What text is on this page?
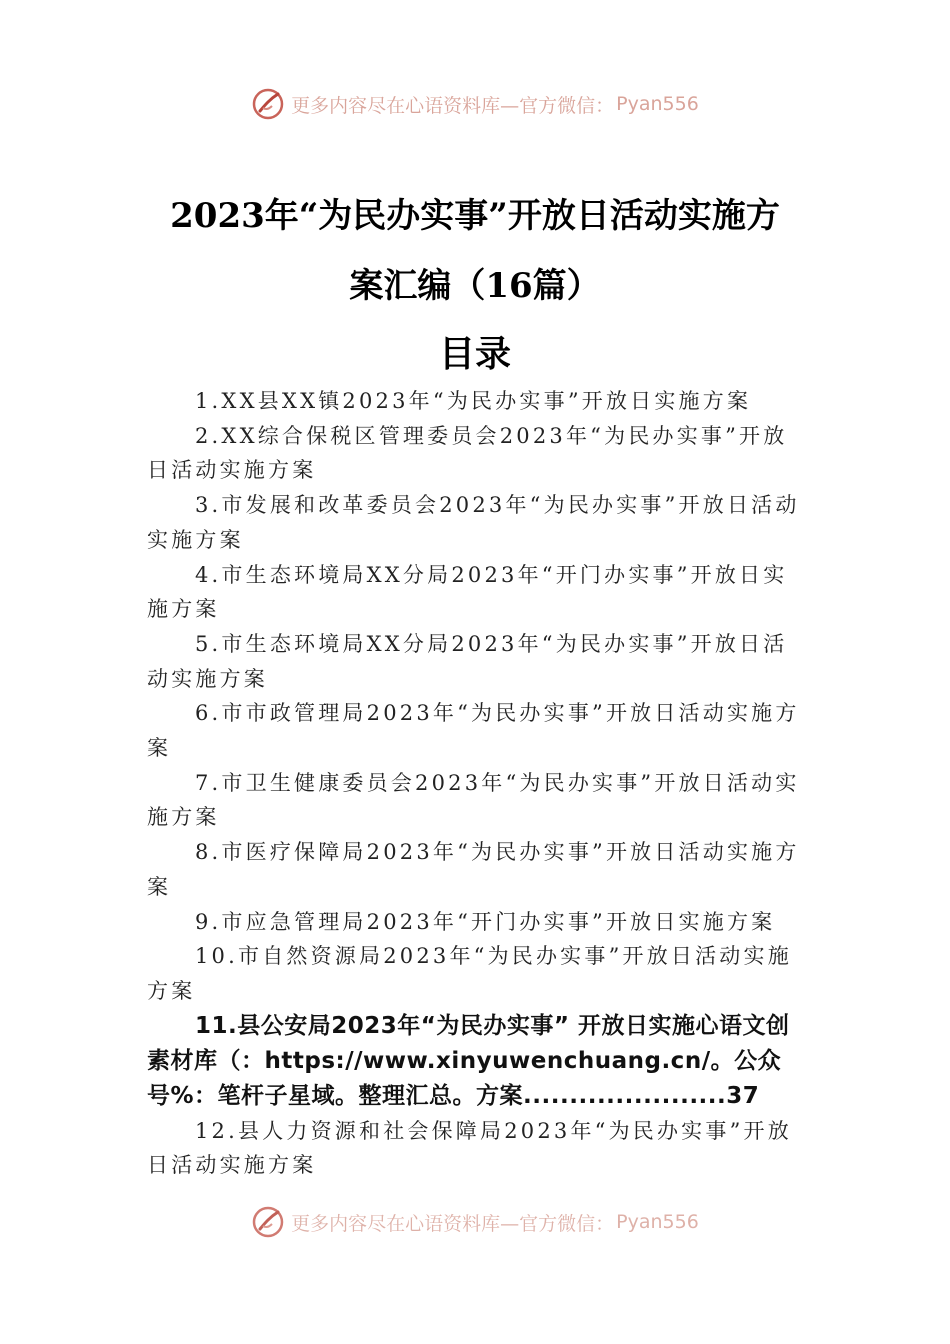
更多内容尽在心语资料库—官方微信： Pyan556
2023年“为民办实事”开放日活动实施方
案汇编（16篇）
目录
1.XX县XX镇2023年“为民办实事”开放日实施方案
2.XX综合保税区管理委员会2023年“为民办实事”开放日活动实施方案
3.市发展和改革委员会2023年“为民办实事”开放日活动实施方案
4.市生态环境局XX分局2023年“开门办实事”开放日实施方案
5.市生态环境局XX分局2023年“为民办实事”开放日活动实施方案
6.市市政管理局2023年“为民办实事”开放日活动实施方案
7.市卫生健康委员会2023年“为民办实事”开放日活动实施方案
8.市医疗保障局2023年“为民办实事”开放日活动实施方案
9.市应急管理局2023年“开门办实事”开放日实施方案
10.市自然资源局2023年“为民办实事”开放日活动实施方案
11.县公安局2023年“为民办实事” 开放日实施心语文创素材库（：https://www.xinyuwenchuang.cn/。公众号%：笔杆子星域。整理汇总。方案......................37
12.县人力资源和社会保障局2023年“为民办实事”开放日活动实施方案
更多内容尽在心语资料库—官方微信： Pyan556
